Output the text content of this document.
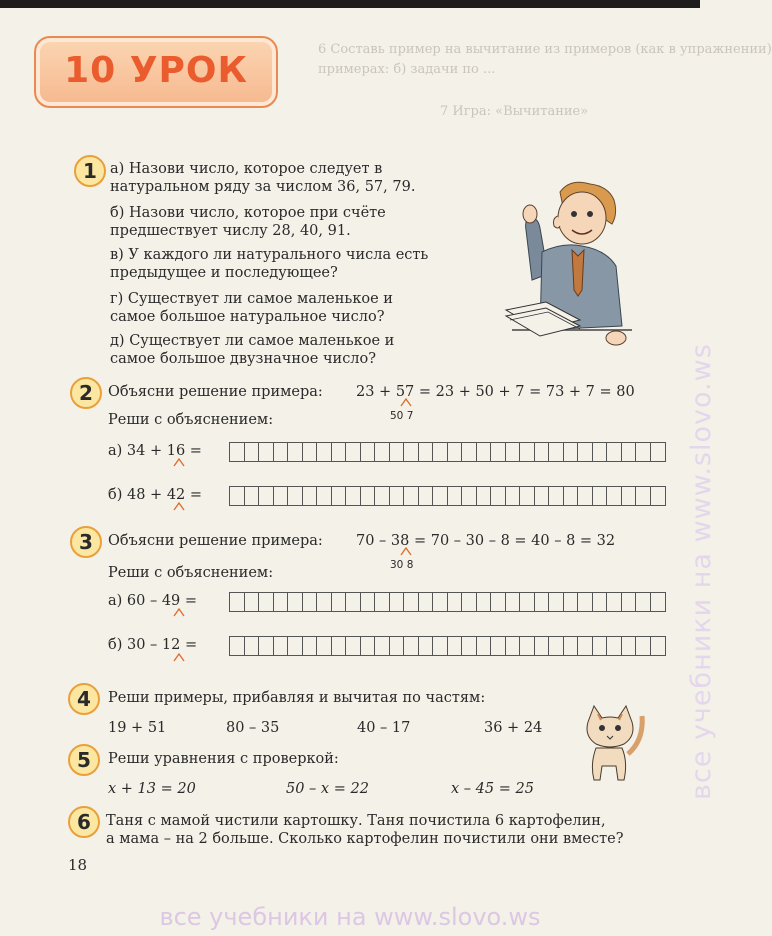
6 Составь пример на вычитание из примеров (как в упражнении)
примерах: б) задачи по ...
7 Игра: «Вычитание»
10 УРОК
1 а) Назови число, которое следует в
натуральном ряду за числом 36, 57, 79.
б) Назови число, которое при счёте
предшествует числу 28, 40, 91.
в) У каждого ли натурального числа есть
предыдущее и последующее?
г) Существует ли самое маленькое и
самое большое натуральное число?
д) Существует ли самое маленькое и
самое большое двузначное число?
2	Объясни решение примера: 23 + 57 = 23 + 50 + 7 = 73 + 7 = 80
50 7
Реши с объяснением:
а) 34 + 16 =
б) 48 + 42 =
3	Объясни решение примера: 70 – 38 = 70 – 30 – 8 = 40 – 8 = 32
30 8
Реши с объяснением:
а) 60 – 49 =
б) 30 – 12 =
4	Реши примеры, прибавляя и вычитая по частям:
19 + 51	80 – 35	40 – 17	36 + 24
5	Реши уравнения с проверкой:
x + 13 = 20	50 – x = 22	x – 45 = 25
6	Таня с мамой чистили картошку. Таня почистила 6 картофелин,
а мама – на 2 больше. Сколько картофелин почистили они вместе?
18
все учебники на www.slovo.ws
все учебники на www.slovo.ws
